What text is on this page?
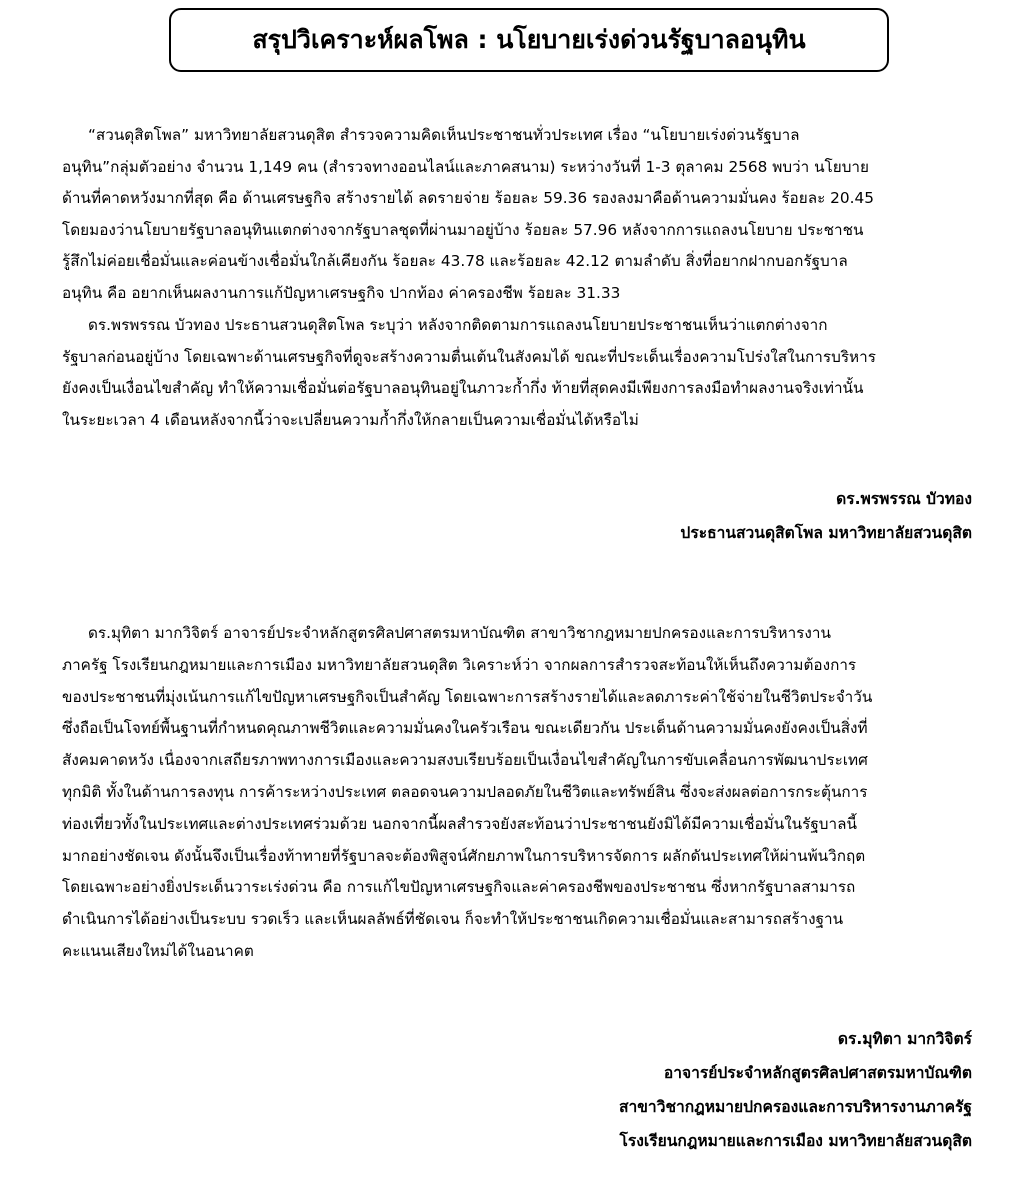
สรุปวิเคราะห์ผลโพล : นโยบายเร่งด่วนรัฐบาลอนุทิน

“สวนดุสิตโพล” มหาวิทยาลัยสวนดุสิต สำรวจความคิดเห็นประชาชนทั่วประเทศ เรื่อง “นโยบายเร่งด่วนรัฐบาล
อนุทิน”กลุ่มตัวอย่าง จำนวน 1,149 คน (สำรวจทางออนไลน์และภาคสนาม) ระหว่างวันที่ 1-3 ตุลาคม 2568 พบว่า นโยบาย
ด้านที่คาดหวังมากที่สุด คือ ด้านเศรษฐกิจ สร้างรายได้ ลดรายจ่าย ร้อยละ 59.36 รองลงมาคือด้านความมั่นคง ร้อยละ 20.45
โดยมองว่านโยบายรัฐบาลอนุทินแตกต่างจากรัฐบาลชุดที่ผ่านมาอยู่บ้าง ร้อยละ 57.96 หลังจากการแถลงนโยบาย ประชาชน
รู้สึกไม่ค่อยเชื่อมั่นและค่อนข้างเชื่อมั่นใกล้เคียงกัน ร้อยละ 43.78 และร้อยละ 42.12 ตามลำดับ สิ่งที่อยากฝากบอกรัฐบาล
อนุทิน คือ อยากเห็นผลงานการแก้ปัญหาเศรษฐกิจ ปากท้อง ค่าครองชีพ ร้อยละ 31.33

ดร.พรพรรณ บัวทอง ประธานสวนดุสิตโพล ระบุว่า หลังจากติดตามการแถลงนโยบายประชาชนเห็นว่าแตกต่างจาก
รัฐบาลก่อนอยู่บ้าง โดยเฉพาะด้านเศรษฐกิจที่ดูจะสร้างความตื่นเต้นในสังคมได้ ขณะที่ประเด็นเรื่องความโปร่งใสในการบริหาร
ยังคงเป็นเงื่อนไขสำคัญ ทำให้ความเชื่อมั่นต่อรัฐบาลอนุทินอยู่ในภาวะก้ำกึ่ง ท้ายที่สุดคงมีเพียงการลงมือทำผลงานจริงเท่านั้น
ในระยะเวลา 4 เดือนหลังจากนี้ว่าจะเปลี่ยนความก้ำกึ่งให้กลายเป็นความเชื่อมั่นได้หรือไม่

ดร.พรพรรณ บัวทอง
ประธานสวนดุสิตโพล มหาวิทยาลัยสวนดุสิต

ดร.มุทิตา มากวิจิตร์ อาจารย์ประจำหลักสูตรศิลปศาสตรมหาบัณฑิต สาขาวิชากฎหมายปกครองและการบริหารงาน
ภาครัฐ โรงเรียนกฎหมายและการเมือง มหาวิทยาลัยสวนดุสิต วิเคราะห์ว่า จากผลการสำรวจสะท้อนให้เห็นถึงความต้องการ
ของประชาชนที่มุ่งเน้นการแก้ไขปัญหาเศรษฐกิจเป็นสำคัญ โดยเฉพาะการสร้างรายได้และลดภาระค่าใช้จ่ายในชีวิตประจำวัน
ซึ่งถือเป็นโจทย์พื้นฐานที่กำหนดคุณภาพชีวิตและความมั่นคงในครัวเรือน ขณะเดียวกัน ประเด็นด้านความมั่นคงยังคงเป็นสิ่งที่
สังคมคาดหวัง เนื่องจากเสถียรภาพทางการเมืองและความสงบเรียบร้อยเป็นเงื่อนไขสำคัญในการขับเคลื่อนการพัฒนาประเทศ
ทุกมิติ ทั้งในด้านการลงทุน การค้าระหว่างประเทศ ตลอดจนความปลอดภัยในชีวิตและทรัพย์สิน ซึ่งจะส่งผลต่อการกระตุ้นการ
ท่องเที่ยวทั้งในประเทศและต่างประเทศร่วมด้วย นอกจากนี้ผลสำรวจยังสะท้อนว่าประชาชนยังมิได้มีความเชื่อมั่นในรัฐบาลนี้
มากอย่างชัดเจน ดังนั้นจึงเป็นเรื่องท้าทายที่รัฐบาลจะต้องพิสูจน์ศักยภาพในการบริหารจัดการ ผลักดันประเทศให้ผ่านพ้นวิกฤต
โดยเฉพาะอย่างยิ่งประเด็นวาระเร่งด่วน คือ การแก้ไขปัญหาเศรษฐกิจและค่าครองชีพของประชาชน ซึ่งหากรัฐบาลสามารถ
ดำเนินการได้อย่างเป็นระบบ รวดเร็ว และเห็นผลลัพธ์ที่ชัดเจน ก็จะทำให้ประชาชนเกิดความเชื่อมั่นและสามารถสร้างฐาน
คะแนนเสียงใหม่ได้ในอนาคต

ดร.มุทิตา มากวิจิตร์
อาจารย์ประจำหลักสูตรศิลปศาสตรมหาบัณฑิต
สาขาวิชากฎหมายปกครองและการบริหารงานภาครัฐ
โรงเรียนกฎหมายและการเมือง มหาวิทยาลัยสวนดุสิต
